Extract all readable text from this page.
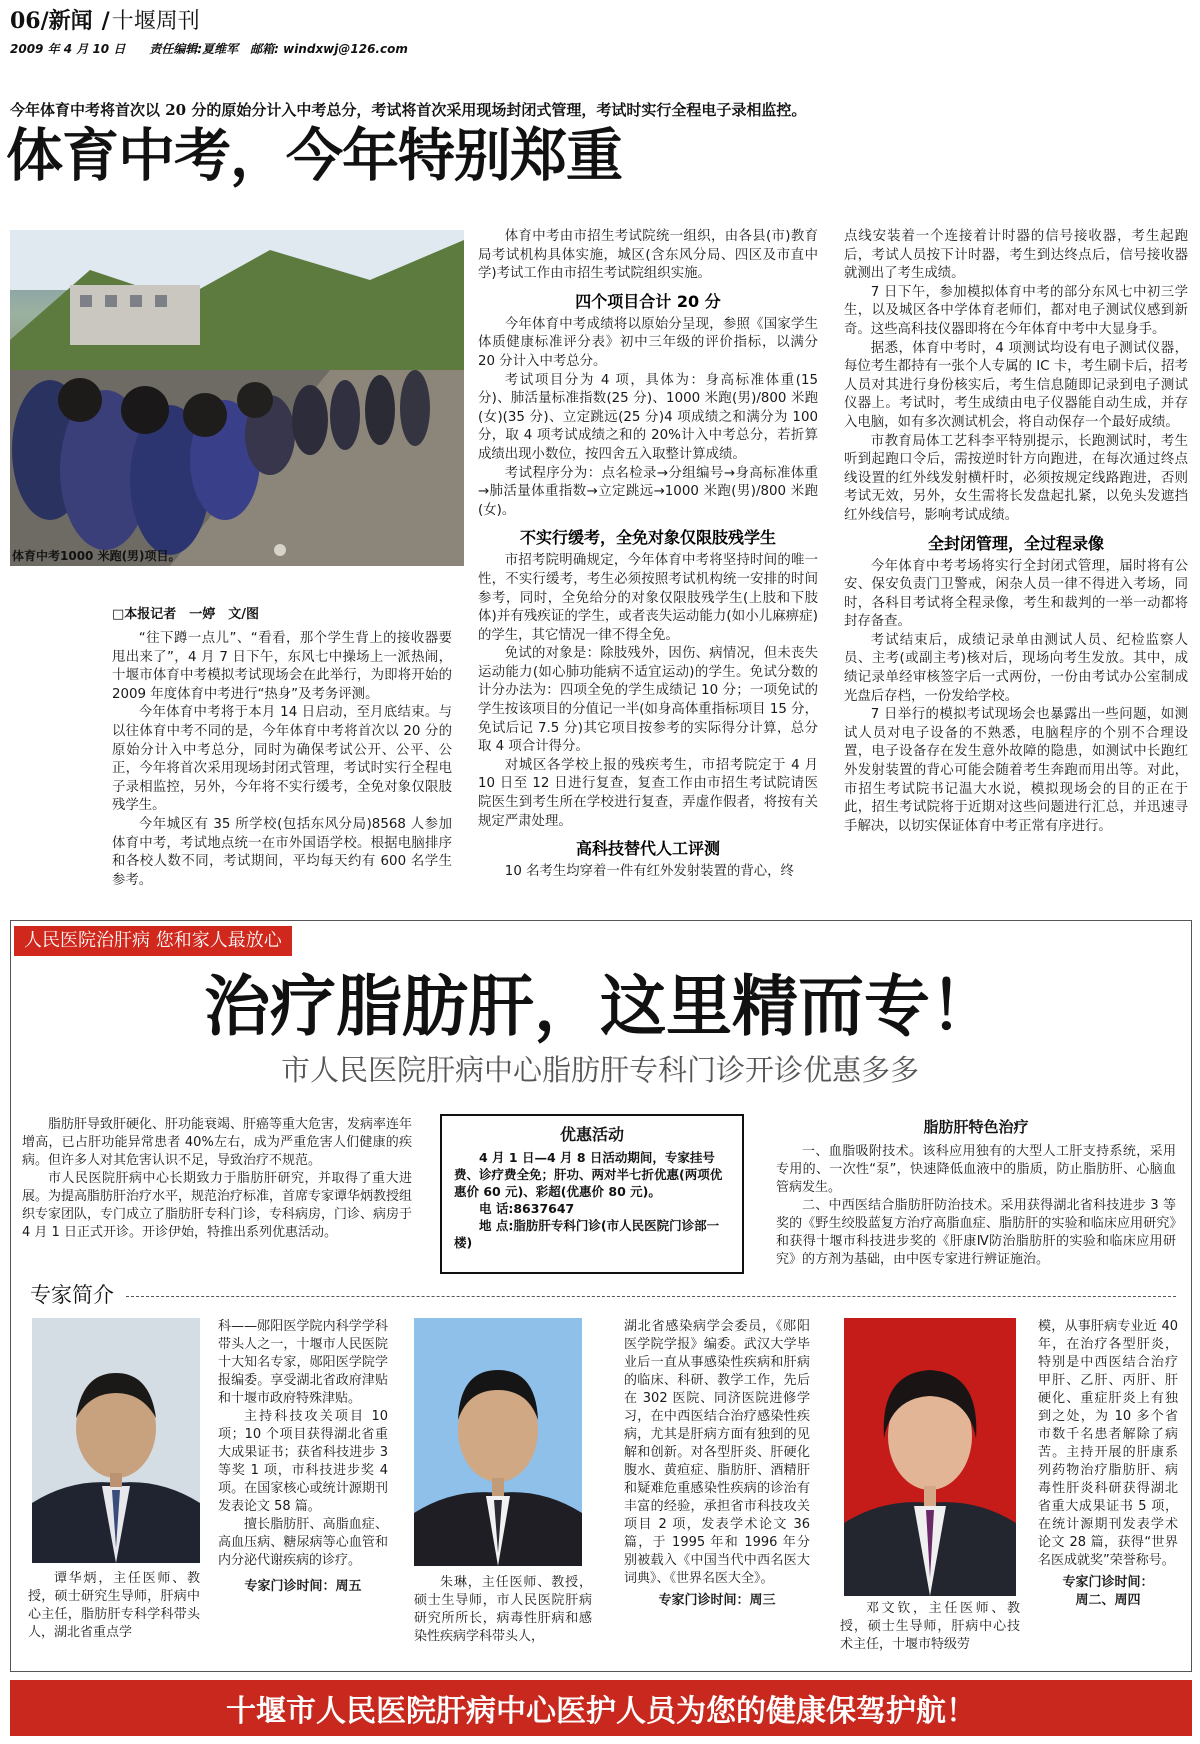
06/新闻 /十堰周刊
2009 年 4 月 10 日　　责任编辑:夏维军　邮箱: windxwj@126.com
今年体育中考将首次以 20 分的原始分计入中考总分，考试将首次采用现场封闭式管理，考试时实行全程电子录相监控。
体育中考，今年特别郑重
体育中考1000 米跑(男)项目。
□本报记者　一婷　文/图

“往下蹲一点儿”、“看看，那个学生背上的接收器要甩出来了”，4 月 7 日下午，东风七中操场上一派热闹，十堰市体育中考模拟考试现场会在此举行，为即将开始的 2009 年度体育中考进行“热身”及考务评测。

今年体育中考将于本月 14 日启动，至月底结束。与以往体育中考不同的是，今年体育中考将首次以 20 分的原始分计入中考总分，同时为确保考试公开、公平、公正，今年将首次采用现场封闭式管理，考试时实行全程电子录相监控，另外，今年将不实行缓考，全免对象仅限肢残学生。

今年城区有 35 所学校(包括东风分局)8568 人参加体育中考，考试地点统一在市外国语学校。根据电脑排序和各校人数不同，考试期间，平均每天约有 600 名学生参考。

体育中考由市招生考试院统一组织，由各县(市)教育局考试机构具体实施，城区(含东风分局、四区及市直中学)考试工作由市招生考试院组织实施。

四个项目合计 20 分

今年体育中考成绩将以原始分呈现，参照《国家学生体质健康标准评分表》初中三年级的评价指标，以满分 20 分计入中考总分。

考试项目分为 4 项，具体为：身高标准体重(15 分)、肺活量标准指数(25 分)、1000 米跑(男)/800 米跑(女)(35 分)、立定跳远(25 分)4 项成绩之和满分为 100 分，取 4 项考试成绩之和的 20%计入中考总分，若折算成绩出现小数位，按四舍五入取整计算成绩。

考试程序分为：点名检录→分组编号→身高标准体重→肺活量体重指数→立定跳远→1000 米跑(男)/800 米跑(女)。

不实行缓考，全免对象仅限肢残学生

市招考院明确规定，今年体育中考将坚持时间的唯一性，不实行缓考，考生必须按照考试机构统一安排的时间参考，同时，全免给分的对象仅限肢残学生(上肢和下肢体)并有残疾证的学生，或者丧失运动能力(如小儿麻痹症)的学生，其它情况一律不得全免。

免试的对象是：除肢残外，因伤、病情况，但未丧失运动能力(如心肺功能病不适宜运动)的学生。免试分数的计分办法为：四项全免的学生成绩记 10 分；一项免试的学生按该项目的分值记一半(如身高体重指标项目 15 分，免试后记 7.5 分)其它项目按参考的实际得分计算，总分取 4 项合计得分。

对城区各学校上报的残疾考生，市招考院定于 4 月 10 日至 12 日进行复查，复查工作由市招生考试院请医院医生到考生所在学校进行复查，弄虚作假者，将按有关规定严肃处理。

高科技替代人工评测

10 名考生均穿着一件有红外发射装置的背心，终

点线安装着一个连接着计时器的信号接收器，考生起跑后，考试人员按下计时器，考生到达终点后，信号接收器就测出了考生成绩。

7 日下午，参加模拟体育中考的部分东风七中初三学生，以及城区各中学体育老师们，都对电子测试仪感到新奇。这些高科技仪器即将在今年体育中考中大显身手。

据悉，体育中考时，4 项测试均设有电子测试仪器，每位考生都持有一张个人专属的 IC 卡，考生刷卡后，招考人员对其进行身份核实后，考生信息随即记录到电子测试仪器上。考试时，考生成绩由电子仪器能自动生成，并存入电脑，如有多次测试机会，将自动保存一个最好成绩。

市教育局体工艺科李平特别提示，长跑测试时，考生听到起跑口令后，需按逆时针方向跑进，在每次通过终点线设置的红外线发射横杆时，必须按规定线路跑进，否则考试无效，另外，女生需将长发盘起扎紧，以免头发遮挡红外线信号，影响考试成绩。

全封闭管理，全过程录像

今年体育中考考场将实行全封闭式管理，届时将有公安、保安负责门卫警戒，闲杂人员一律不得进入考场，同时，各科目考试将全程录像，考生和裁判的一举一动都将封存备查。

考试结束后，成绩记录单由测试人员、纪检监察人员、主考(或副主考)核对后，现场向考生发放。其中，成绩记录单经审核签字后一式两份，一份由考试办公室制成光盘后存档，一份发给学校。

7 日举行的模拟考试现场会也暴露出一些问题，如测试人员对电子设备的不熟悉，电脑程序的个别不合理设置，电子设备存在发生意外故障的隐患，如测试中长跑红外发射装置的背心可能会随着考生奔跑而用出等。对此，市招生考试院书记温大水说，模拟现场会的目的正在于此，招生考试院将于近期对这些问题进行汇总，并迅速寻手解决，以切实保证体育中考正常有序进行。

人民医院治肝病 您和家人最放心
治疗脂肪肝，这里精而专！
市人民医院肝病中心脂肪肝专科门诊开诊优惠多多

脂肪肝导致肝硬化、肝功能衰竭、肝癌等重大危害，发病率连年增高，已占肝功能异常患者 40%左右，成为严重危害人们健康的疾病。但许多人对其危害认识不足，导致治疗不规范。

市人民医院肝病中心长期致力于脂肪肝研究，并取得了重大进展。为提高脂肪肝治疗水平，规范治疗标准，首席专家谭华炳教授组织专家团队，专门成立了脂肪肝专科门诊，专科病房，门诊、病房于 4 月 1 日正式开诊。开诊伊始，特推出系列优惠活动。

优惠活动
4 月 1 日—4 月 8 日活动期间，专家挂号费、诊疗费全免；肝功、两对半七折优惠(两项优惠价 60 元)、彩超(优惠价 80 元)。
电 话:8637647
地 点:脂肪肝专科门诊(市人民医院门诊部一楼)
脂肪肝特色治疗

一、血脂吸附技术。该科应用独有的大型人工肝支持系统，采用专用的、一次性“泵”，快速降低血液中的脂质，防止脂肪肝、心脑血管病发生。

二、中西医结合脂肪肝防治技术。采用获得湖北省科技进步 3 等奖的《野生绞股蓝复方治疗高脂血症、脂肪肝的实验和临床应用研究》和获得十堰市科技进步奖的《肝康Ⅳ防治脂肪肝的实验和临床应用研究》的方剂为基础，由中医专家进行辨证施治。

专家简介
谭华炳，主任医师、教授，硕士研究生导师，肝病中心主任，脂肪肝专科学科带头人，湖北省重点学

科——郧阳医学院内科学学科带头人之一，十堰市人民医院十大知名专家，郧阳医学院学报编委。享受湖北省政府津贴和十堰市政府特殊津贴。

主持科技攻关项目 10 项；10 个项目获得湖北省重大成果证书；获省科技进步 3 等奖 1 项，市科技进步奖 4 项。在国家核心或统计源期刊发表论文 58 篇。

擅长脂肪肝、高脂血症、高血压病、糖尿病等心血管和内分泌代谢疾病的诊疗。

专家门诊时间：周五	朱琳，主任医师、教授，硕士生导师，市人民医院肝病研究所所长，病毒性肝病和感染性疾病学科带头人，

湖北省感染病学会委员，《郧阳医学院学报》编委。武汉大学毕业后一直从事感染性疾病和肝病的临床、科研、教学工作，先后在 302 医院、同济医院进修学习，在中西医结合治疗感染性疾病，尤其是肝病方面有独到的见解和创新。对各型肝炎、肝硬化腹水、黄疸症、脂肪肝、酒精肝和疑难危重感染性疾病的诊治有丰富的经验，承担省市科技攻关项目 2 项，发表学术论文 36 篇，于 1995 年和 1996 年分别被载入《中国当代中西名医大词典》、《世界名医大全》。

专家门诊时间：周三
邓文钦，主任医师、教授，硕士生导师，肝病中心技术主任，十堰市特级劳

模，从事肝病专业近 40 年，在治疗各型肝炎，特别是中西医结合治疗甲肝、乙肝、丙肝、肝硬化、重症肝炎上有独到之处，为 10 多个省市数千名患者解除了病苦。主持开展的肝康系列药物治疗脂肪肝、病毒性肝炎科研获得湖北省重大成果证书 5 项，在统计源期刊发表学术论文 28 篇，获得“世界名医成就奖”荣誉称号。

专家门诊时间：
周二、周四
十堰市人民医院肝病中心医护人员为您的健康保驾护航！
